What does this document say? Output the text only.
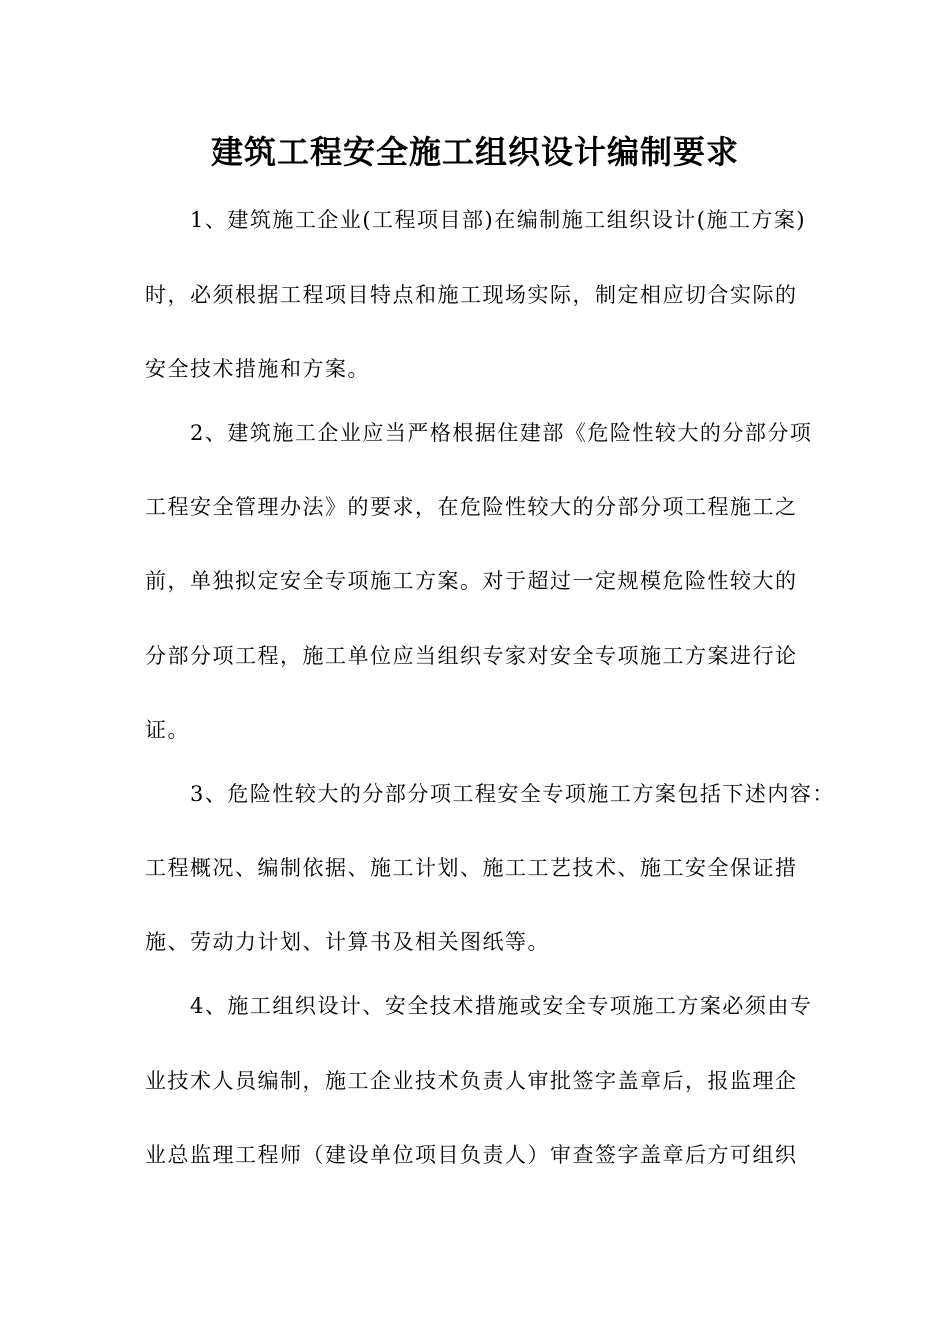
建筑工程安全施工组织设计编制要求
1、建筑施工企业(工程项目部)在编制施工组织设计(施工方案)
时，必须根据工程项目特点和施工现场实际，制定相应切合实际的
安全技术措施和方案。
2、建筑施工企业应当严格根据住建部《危险性较大的分部分项
工程安全管理办法》的要求，在危险性较大的分部分项工程施工之
前，单独拟定安全专项施工方案。对于超过一定规模危险性较大的
分部分项工程，施工单位应当组织专家对安全专项施工方案进行论
证。
3、危险性较大的分部分项工程安全专项施工方案包括下述内容：
工程概况、编制依据、施工计划、施工工艺技术、施工安全保证措
施、劳动力计划、计算书及相关图纸等。
4、施工组织设计、安全技术措施或安全专项施工方案必须由专
业技术人员编制，施工企业技术负责人审批签字盖章后，报监理企
业总监理工程师（建设单位项目负责人）审查签字盖章后方可组织
